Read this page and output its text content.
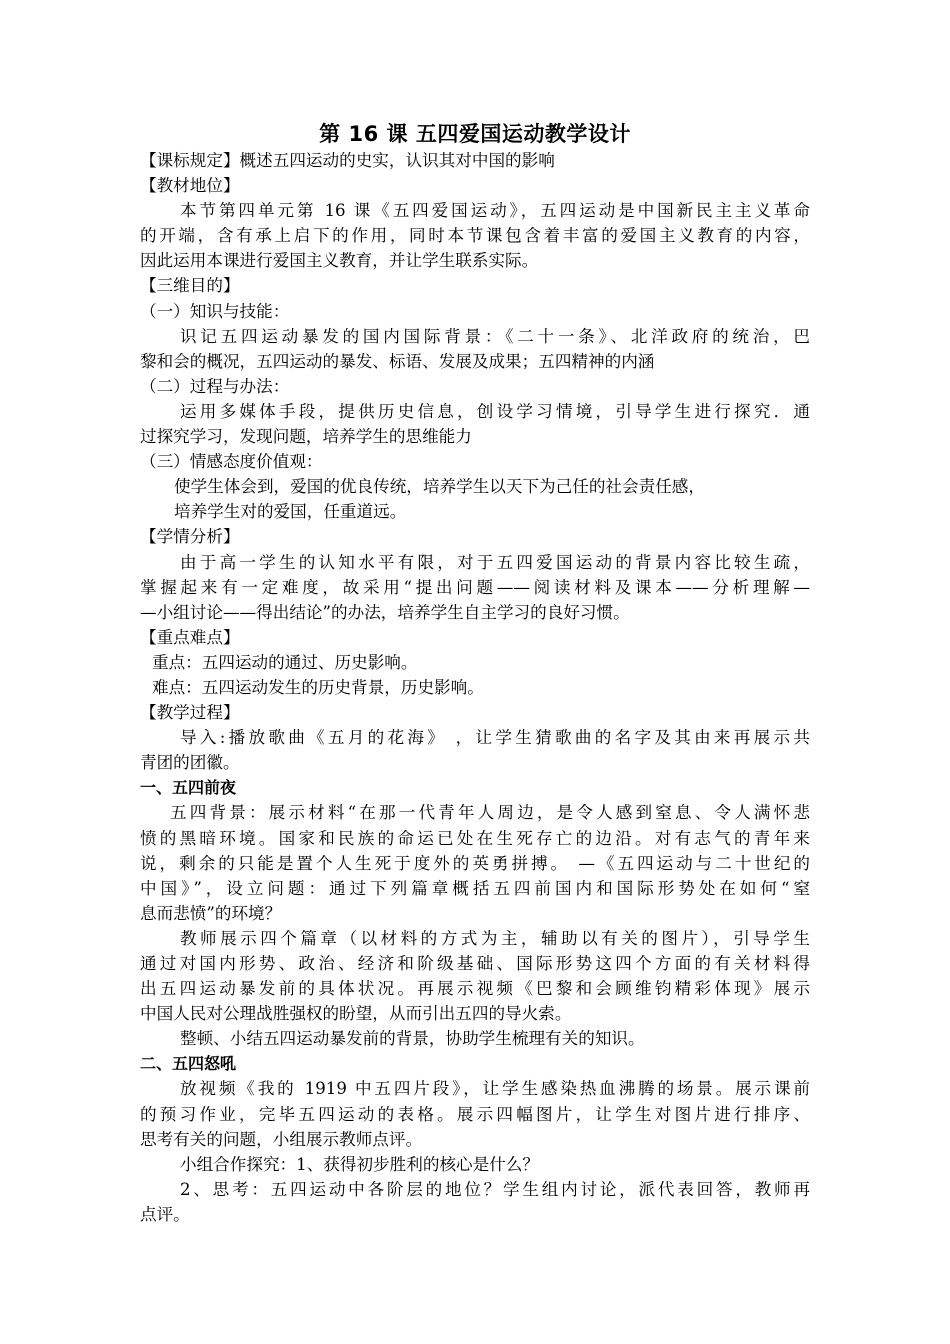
第 16 课 五四爱国运动教学设计

【课标规定】概述五四运动的史实，认识其对中国的影响

【教材地位】

本节第四单元第 16 课《五四爱国运动》，五四运动是中国新民主主义革命

的开端，含有承上启下的作用，同时本节课包含着丰富的爱国主义教育的内容，

因此运用本课进行爱国主义教育，并让学生联系实际。

【三维目的】

（一）知识与技能：

识记五四运动暴发的国内国际背景：《二十一条》、北洋政府的统治，巴

黎和会的概况，五四运动的暴发、标语、发展及成果；五四精神的内涵

（二）过程与办法：

运用多媒体手段，提供历史信息，创设学习情境，引导学生进行探究．通

过探究学习，发现问题，培养学生的思维能力

（三）情感态度价值观：

使学生体会到，爱国的优良传统，培养学生以天下为己任的社会责任感，

培养学生对的爱国，任重道远。

【学情分析】

由于高一学生的认知水平有限，对于五四爱国运动的背景内容比较生疏，

掌握起来有一定难度，故采用“提出问题——阅读材料及课本——分析理解—

—小组讨论——得出结论”的办法，培养学生自主学习的良好习惯。

【重点难点】

重点：五四运动的通过、历史影响。

难点：五四运动发生的历史背景，历史影响。

【教学过程】

导入:播放歌曲《五月的花海》 ，让学生猜歌曲的名字及其由来再展示共

青团的团徽。

一、五四前夜

五四背景：展示材料“在那一代青年人周边，是令人感到窒息、令人满怀悲

愤的黑暗环境。国家和民族的命运已处在生死存亡的边沿。对有志气的青年来

说，剩余的只能是置个人生死于度外的英勇拼搏。 —《五四运动与二十世纪的

中国》”，设立问题：通过下列篇章概括五四前国内和国际形势处在如何“窒

息而悲愤”的环境？

教师展示四个篇章（以材料的方式为主，辅助以有关的图片），引导学生

通过对国内形势、政治、经济和阶级基础、国际形势这四个方面的有关材料得

出五四运动暴发前的具体状况。再展示视频《巴黎和会顾维钧精彩体现》展示

中国人民对公理战胜强权的盼望，从而引出五四的导火索。

整顿、小结五四运动暴发前的背景，协助学生梳理有关的知识。

二、五四怒吼

放视频《我的 1919 中五四片段》，让学生感染热血沸腾的场景。展示课前

的预习作业，完毕五四运动的表格。展示四幅图片，让学生对图片进行排序、

思考有关的问题，小组展示教师点评。

小组合作探究：1、获得初步胜利的核心是什么？

2、思考：五四运动中各阶层的地位？学生组内讨论，派代表回答，教师再

点评。
